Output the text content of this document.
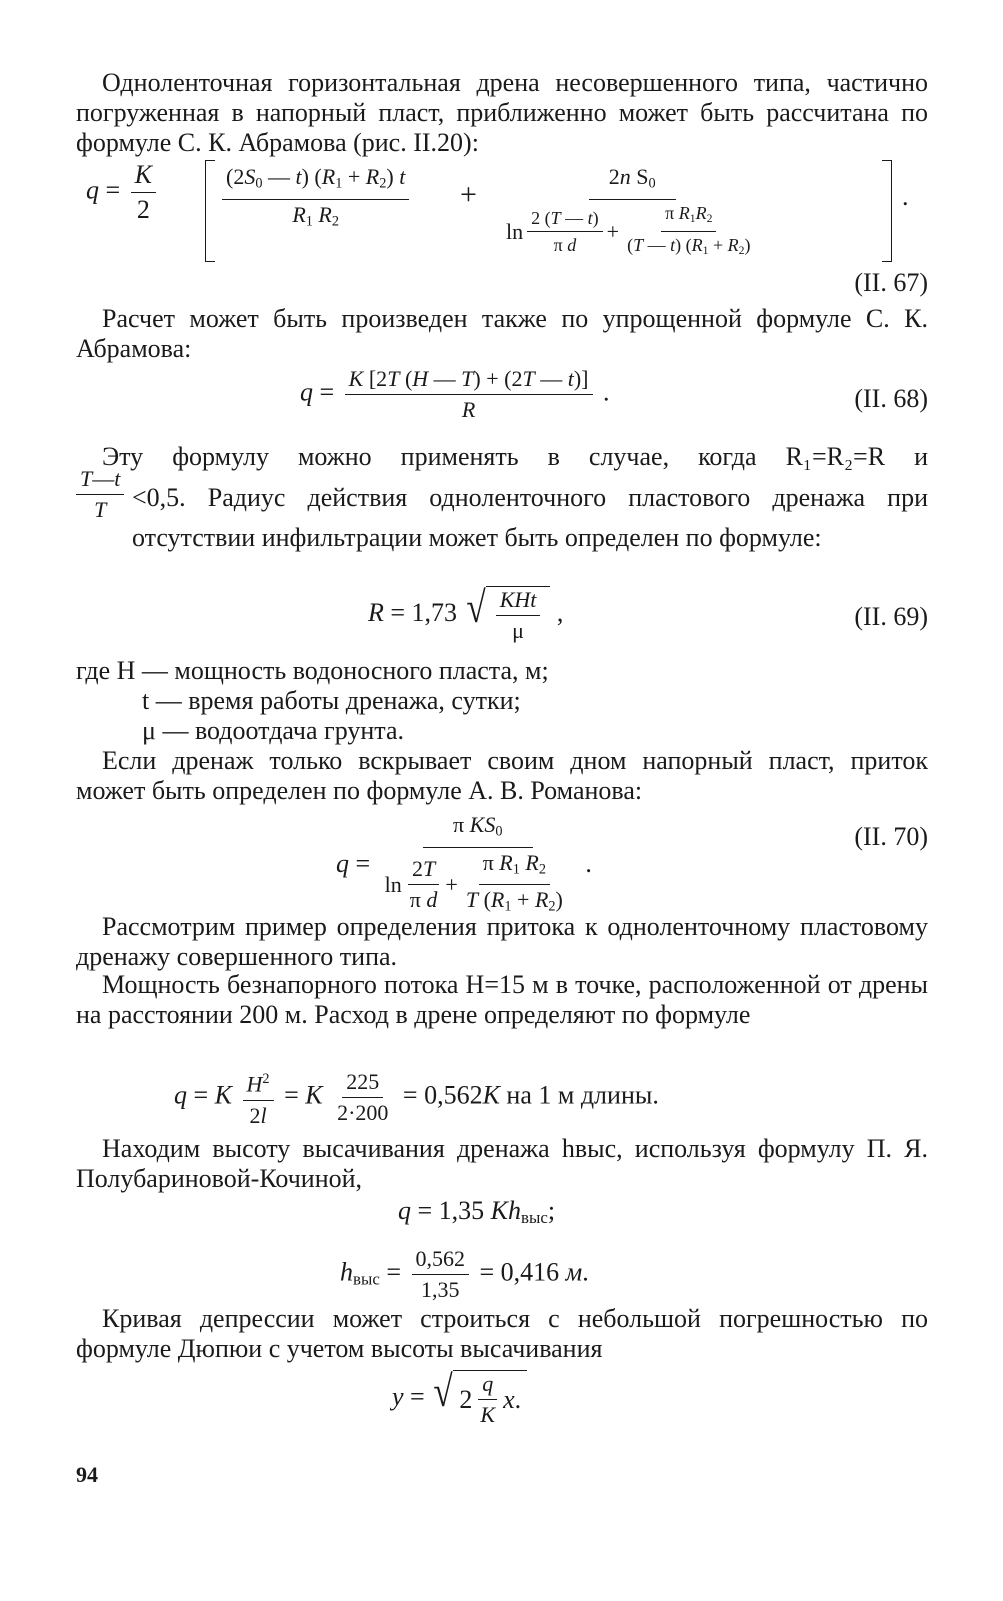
Одноленточная горизонтальная дрена несовершенного типа, частично погруженная в напорный пласт, приближенно может быть рассчитана по формуле С. К. Абрамова (рис. II.20):
$q = \frac{K}{2}$	$\frac{(2S_0 — t) (R_1 + R_2) t}{R_1 R_2} + \frac{2n S_0}{\ln \frac{2 (T — t)}{\text{π d}} + \frac{\pi R_1R_2}{(T — t) (R_1 + R_2)}}$	.
(II. 67)
Расчет может быть произведен также по упрощенной формуле С. К. Абрамова:
$q = \frac{K [2T (H — T) + (2T — t)]}{R}$ .	(II. 68)
Эту формулу можно применять в случае, когда R₁=R₂=R и
$\frac{T—t}{T} <0,5$. Радиус действия одноленточного пластового дренажа при отсутствии инфильтрации может быть определен по формуле:
R = 1,73 √ $\frac{\text{KHt}}{\mu}$ ,	(II. 69)
где H — мощность водоносного пласта, м;
t — время работы дренажа, сутки;
μ — водоотдача грунта.
Если дренаж только вскрывает своим дном напорный пласт, приток может быть определен по формуле А. В. Романова:
$q = \frac{\pi KS_0}{\ln \frac{2T}{\text{π d}} + \frac{\pi R_1 R_2}{T (R_1 + R_2)}}$ .
(II. 70)
Рассмотрим пример определения притока к одноленточному пластовому дренажу совершенного типа.
Мощность безнапорного потока H=15 м в точке, расположенной от дрены на расстоянии 200 м. Расход в дрене определяют по формуле
q = K $\frac{H^2}{2l} = K \frac{225}{2\cdot 200} = 0,562K$ на 1 м длины.
Находим высоту высачивания дренажа hвыс, используя формулу П. Я. Полубариновой-Кочиной,
q = 1,35 $Kh_{выс}$;
$h_{выс} = \frac{0,562}{1,35} = 0,416$ м.
Кривая депрессии может строиться с небольшой погрешностью по формуле Дюпюи с учетом высоты высачивания
y = √ $2 \frac{q}{K}$ x .
94
